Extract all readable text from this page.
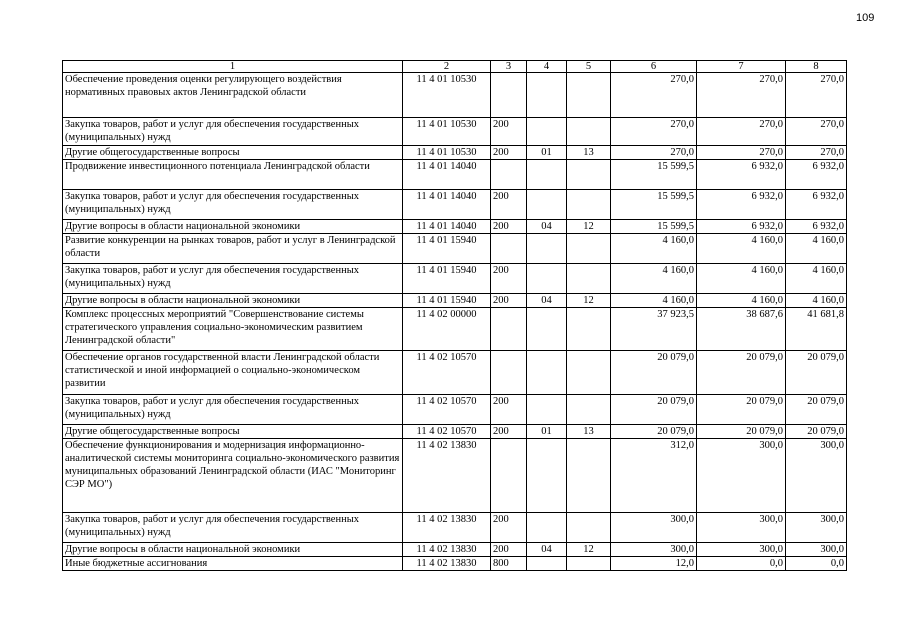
109
1	2	3	4	5	6	7	8
Обеспечение проведения оценки регулирующего воздействия нормативных правовых актов Ленинградской области	11 4 01 10530				270,0	270,0	270,0
Закупка товаров, работ и услуг для обеспечения государственных (муниципальных) нужд	11 4 01 10530	200			270,0	270,0	270,0
Другие общегосударственные вопросы	11 4 01 10530	200	01	13	270,0	270,0	270,0
Продвижение инвестиционного потенциала Ленинградской области	11 4 01 14040				15 599,5	6 932,0	6 932,0
Закупка товаров, работ и услуг для обеспечения государственных (муниципальных) нужд	11 4 01 14040	200			15 599,5	6 932,0	6 932,0
Другие вопросы в области национальной экономики	11 4 01 14040	200	04	12	15 599,5	6 932,0	6 932,0
Развитие конкуренции на рынках товаров, работ и услуг в Ленинградской области	11 4 01 15940				4 160,0	4 160,0	4 160,0
Закупка товаров, работ и услуг для обеспечения государственных (муниципальных) нужд	11 4 01 15940	200			4 160,0	4 160,0	4 160,0
Другие вопросы в области национальной экономики	11 4 01 15940	200	04	12	4 160,0	4 160,0	4 160,0
Комплекс процессных мероприятий "Совершенствование системы стратегического управления социально-экономическим развитием Ленинградской области"	11 4 02 00000				37 923,5	38 687,6	41 681,8
Обеспечение органов государственной власти Ленинградской области статистической и иной информацией о социально-экономическом развитии	11 4 02 10570				20 079,0	20 079,0	20 079,0
Закупка товаров, работ и услуг для обеспечения государственных (муниципальных) нужд	11 4 02 10570	200			20 079,0	20 079,0	20 079,0
Другие общегосударственные вопросы	11 4 02 10570	200	01	13	20 079,0	20 079,0	20 079,0
Обеспечение функционирования и модернизация информационно-аналитической системы мониторинга социально-экономического развития муниципальных образований Ленинградской области (ИАС "Мониторинг СЭР МО")	11 4 02 13830				312,0	300,0	300,0
Закупка товаров, работ и услуг для обеспечения государственных (муниципальных) нужд	11 4 02 13830	200			300,0	300,0	300,0
Другие вопросы в области национальной экономики	11 4 02 13830	200	04	12	300,0	300,0	300,0
Иные бюджетные ассигнования	11 4 02 13830	800			12,0	0,0	0,0
